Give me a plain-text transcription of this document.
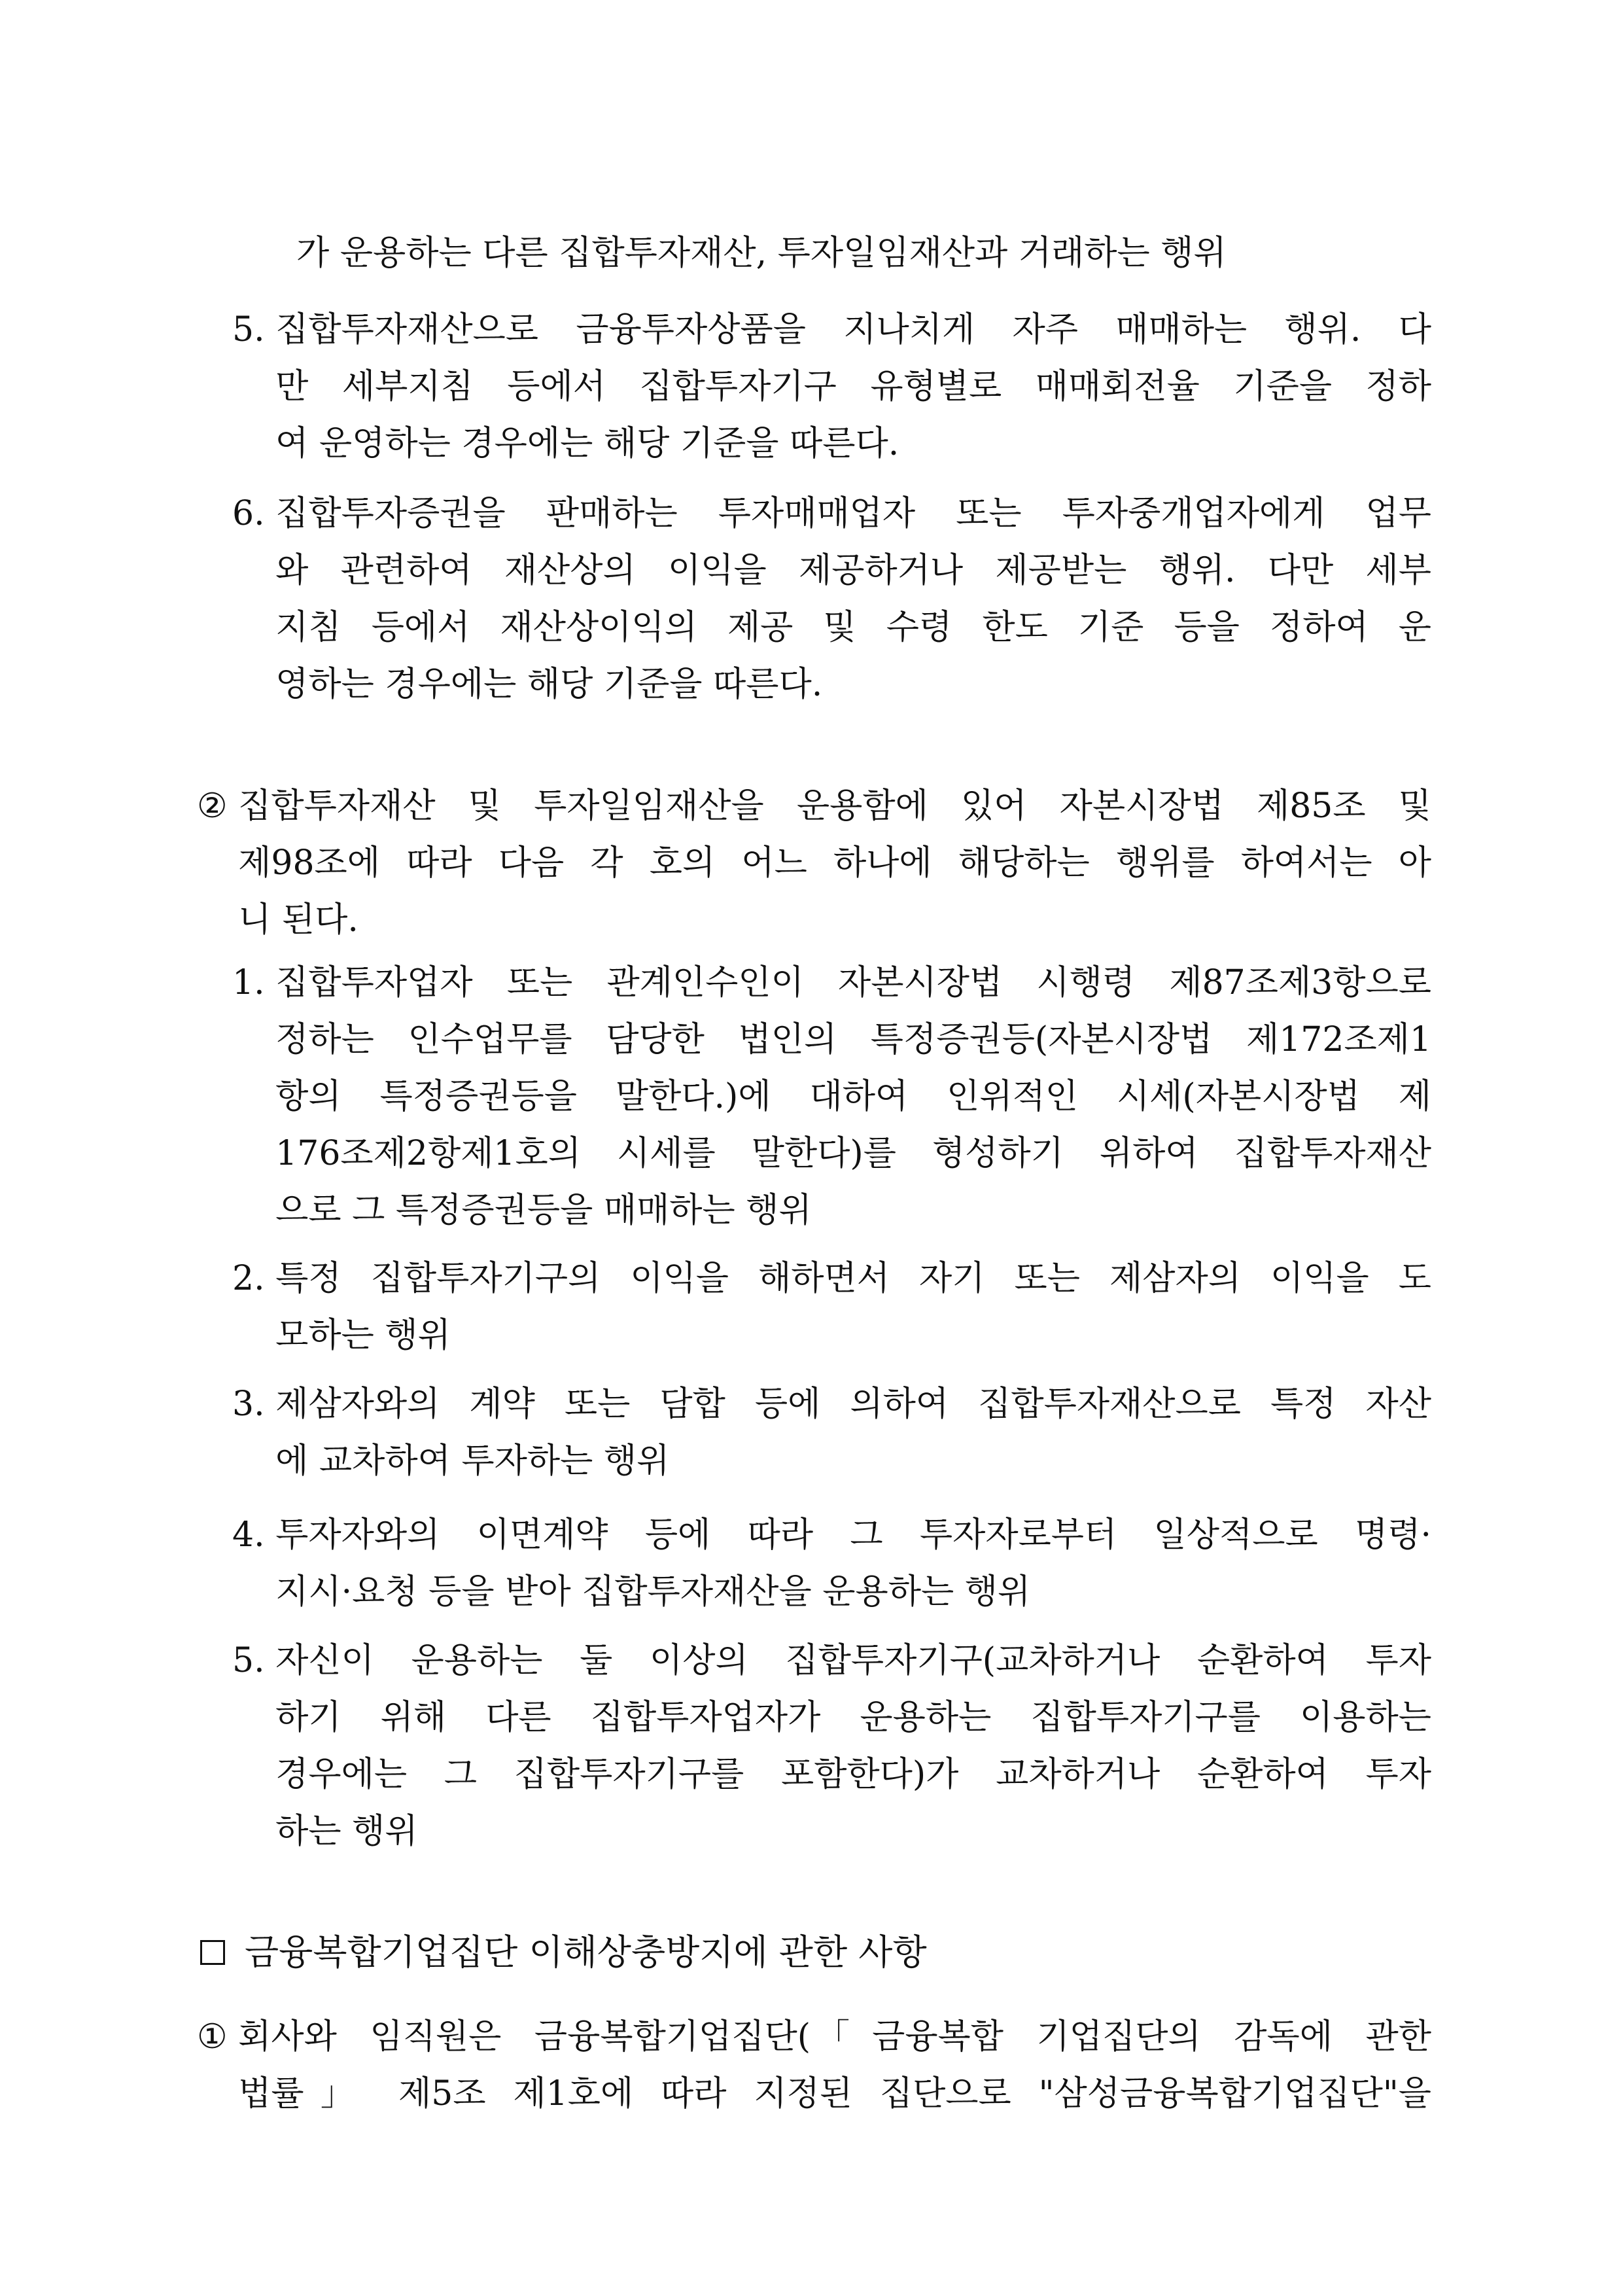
가 운용하는 다른 집합투자재산, 투자일임재산과 거래하는 행위
5. 집합투자재산으로 금융투자상품을 지나치게 자주 매매하는 행위. 다
만 세부지침 등에서 집합투자기구 유형별로 매매회전율 기준을 정하
여 운영하는 경우에는 해당 기준을 따른다.
6. 집합투자증권을 판매하는 투자매매업자 또는 투자중개업자에게 업무
와 관련하여 재산상의 이익을 제공하거나 제공받는 행위. 다만 세부
지침 등에서 재산상이익의 제공 및 수령 한도 기준 등을 정하여 운
영하는 경우에는 해당 기준을 따른다.
② 집합투자재산 및 투자일임재산을 운용함에 있어 자본시장법 제85조 및
제98조에 따라 다음 각 호의 어느 하나에 해당하는 행위를 하여서는 아
니 된다.
1. 집합투자업자 또는 관계인수인이 자본시장법 시행령 제87조제3항으로
정하는 인수업무를 담당한 법인의 특정증권등(자본시장법 제172조제1
항의 특정증권등을 말한다.)에 대하여 인위적인 시세(자본시장법 제
176조제2항제1호의 시세를 말한다)를 형성하기 위하여 집합투자재산
으로 그 특정증권등을 매매하는 행위
2. 특정 집합투자기구의 이익을 해하면서 자기 또는 제삼자의 이익을 도
모하는 행위
3. 제삼자와의 계약 또는 담합 등에 의하여 집합투자재산으로 특정 자산
에 교차하여 투자하는 행위
4. 투자자와의 이면계약 등에 따라 그 투자자로부터 일상적으로 명령·
지시·요청 등을 받아 집합투자재산을 운용하는 행위
5. 자신이 운용하는 둘 이상의 집합투자기구(교차하거나 순환하여 투자
하기 위해 다른 집합투자업자가 운용하는 집합투자기구를 이용하는
경우에는 그 집합투자기구를 포함한다)가 교차하거나 순환하여 투자
하는 행위
금융복합기업집단 이해상충방지에 관한 사항
① 회사와 임직원은 금융복합기업집단(「금융복합 기업집단의 감독에 관한
법률」 제5조 제1호에 따라 지정된 집단으로 "삼성금융복합기업집단"을
